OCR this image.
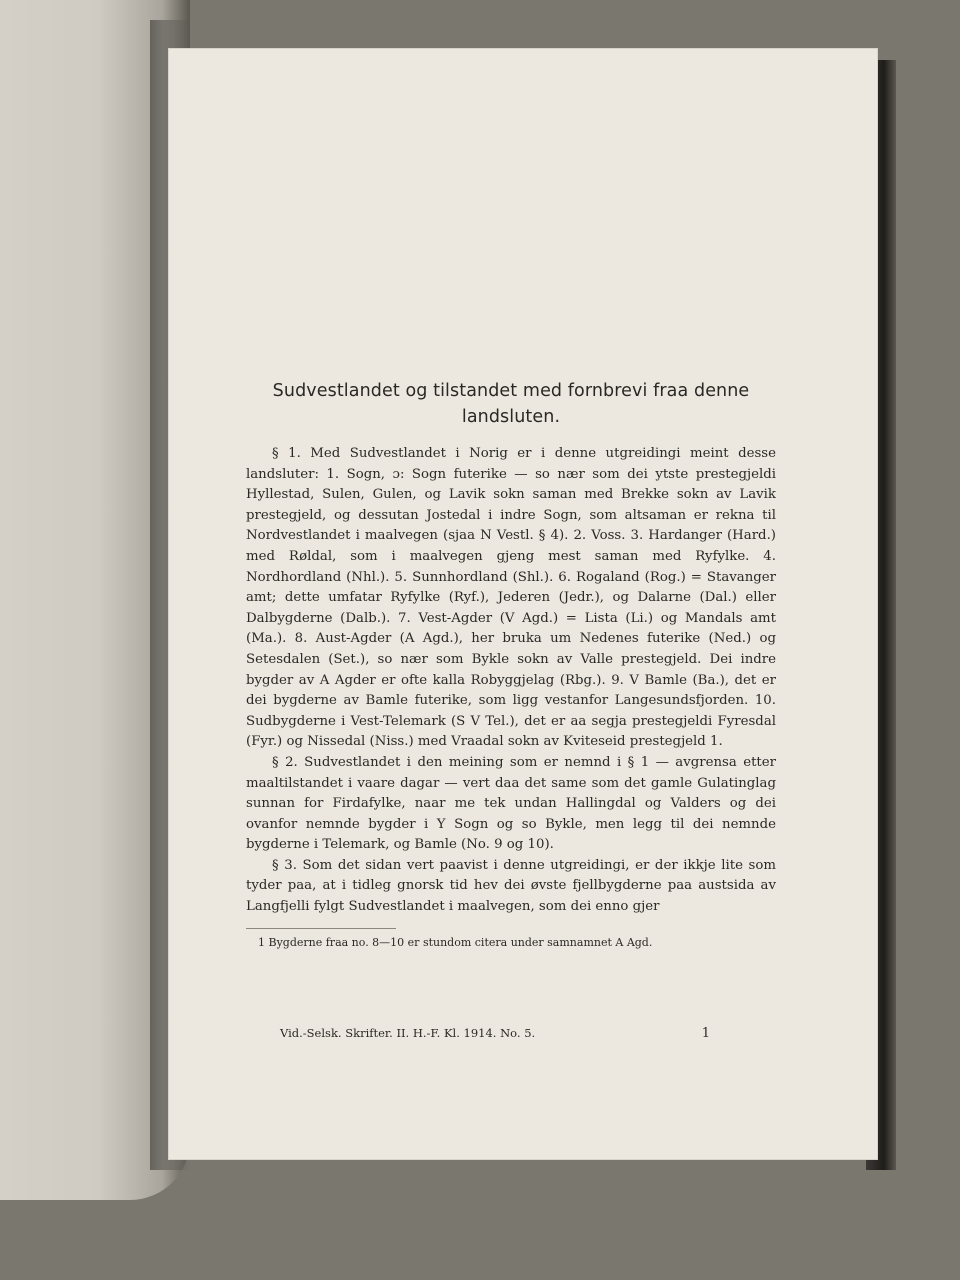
Sudvestlandet og tilstandet med fornbrevi fraa denne landsluten.

§ 1. Med Sudvestlandet i Norig er i denne utgreidingi meint desse landsluter: 1. Sogn, ɔ: Sogn futerike — so nær som dei ytste prestegjeldi Hyllestad, Sulen, Gulen, og Lavik sokn saman med Brekke sokn av Lavik prestegjeld, og dessutan Jostedal i indre Sogn, som altsaman er rekna til Nordvestlandet i maalvegen (sjaa N Vestl. § 4). 2. Voss. 3. Hardanger (Hard.) med Røldal, som i maalvegen gjeng mest saman med Ryfylke. 4. Nordhordland (Nhl.). 5. Sunnhordland (Shl.). 6. Rogaland (Rog.) = Stavanger amt; dette umfatar Ryfylke (Ryf.), Jederen (Jedr.), og Dalarne (Dal.) eller Dalbygderne (Dalb.). 7. Vest-Agder (V Agd.) = Lista (Li.) og Mandals amt (Ma.). 8. Aust-Agder (A Agd.), her bruka um Nedenes futerike (Ned.) og Setesdalen (Set.), so nær som Bykle sokn av Valle prestegjeld. Dei indre bygder av A Agder er ofte kalla Robyggjelag (Rbg.). 9. V Bamle (Ba.), det er dei bygderne av Bamle futerike, som ligg vestanfor Langesundsfjorden. 10. Sudbygderne i Vest-Telemark (S V Tel.), det er aa segja prestegjeldi Fyresdal (Fyr.) og Nissedal (Niss.) med Vraadal sokn av Kviteseid prestegjeld 1.

§ 2. Sudvestlandet i den meining som er nemnd i § 1 — avgrensa etter maaltilstandet i vaare dagar — vert daa det same som det gamle Gulatinglag sunnan for Firdafylke, naar me tek undan Hallingdal og Valders og dei ovanfor nemnde bygder i Y Sogn og so Bykle, men legg til dei nemnde bygderne i Telemark, og Bamle (No. 9 og 10).

§ 3. Som det sidan vert paavist i denne utgreidingi, er der ikkje lite som tyder paa, at i tidleg gnorsk tid hev dei øvste fjellbygderne paa austsida av Langfjelli fylgt Sudvestlandet i maalvegen, som dei enno gjer

1 Bygderne fraa no. 8—10 er stundom citera under samnamnet A Agd.

Vid.-Selsk. Skrifter. II. H.-F. Kl. 1914. No. 5.	1
